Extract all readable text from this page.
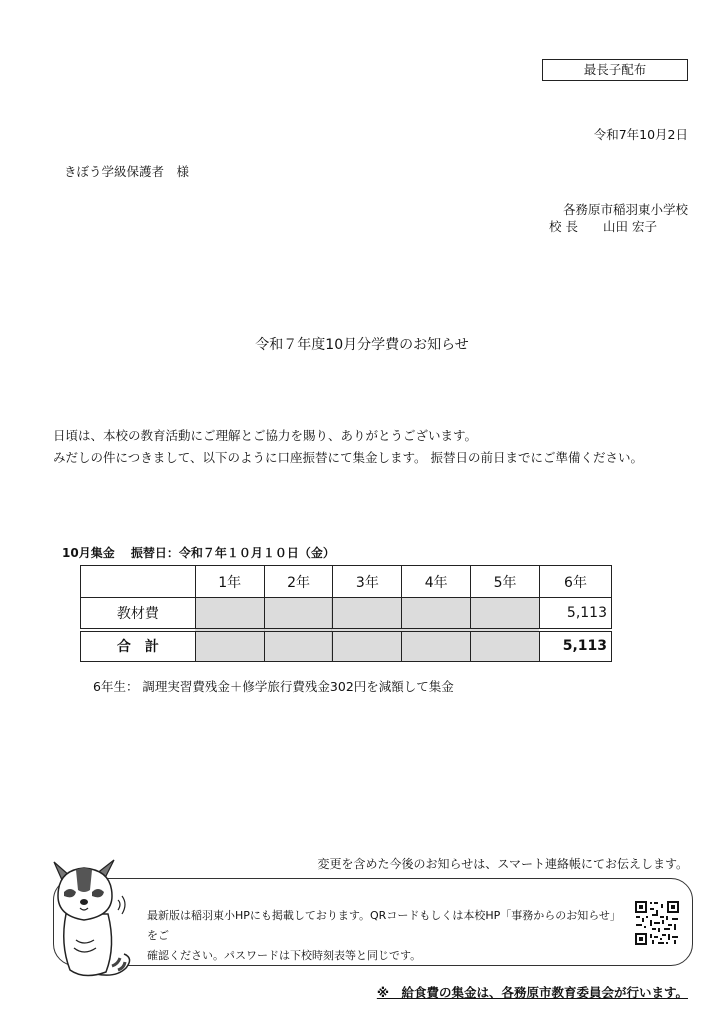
最長子配布
令和7年10月2日
きぼう学級保護者　様
各務原市稲羽東小学校
校 長　　山田 宏子
令和７年度10月分学費のお知らせ
日頃は、本校の教育活動にご理解とご協力を賜り、ありがとうございます。
みだしの件につきまして、以下のように口座振替にて集金します。 振替日の前日までにご準備ください。
10月集金　 振替日：令和７年１０月１０日（金）
	1年	2年	3年	4年	5年	6年
教材費						5,113
合　計						5,113
6年生： 調理実習費残金＋修学旅行費残金302円を減額して集金
変更を含めた今後のお知らせは、スマート連絡帳にてお伝えします。
最新版は稲羽東小HPにも掲載しております。QRコードもしくは本校HP「事務からのお知らせ」をご
確認ください。パスワードは下校時刻表等と同じです。
※　給食費の集金は、各務原市教育委員会が行います。
